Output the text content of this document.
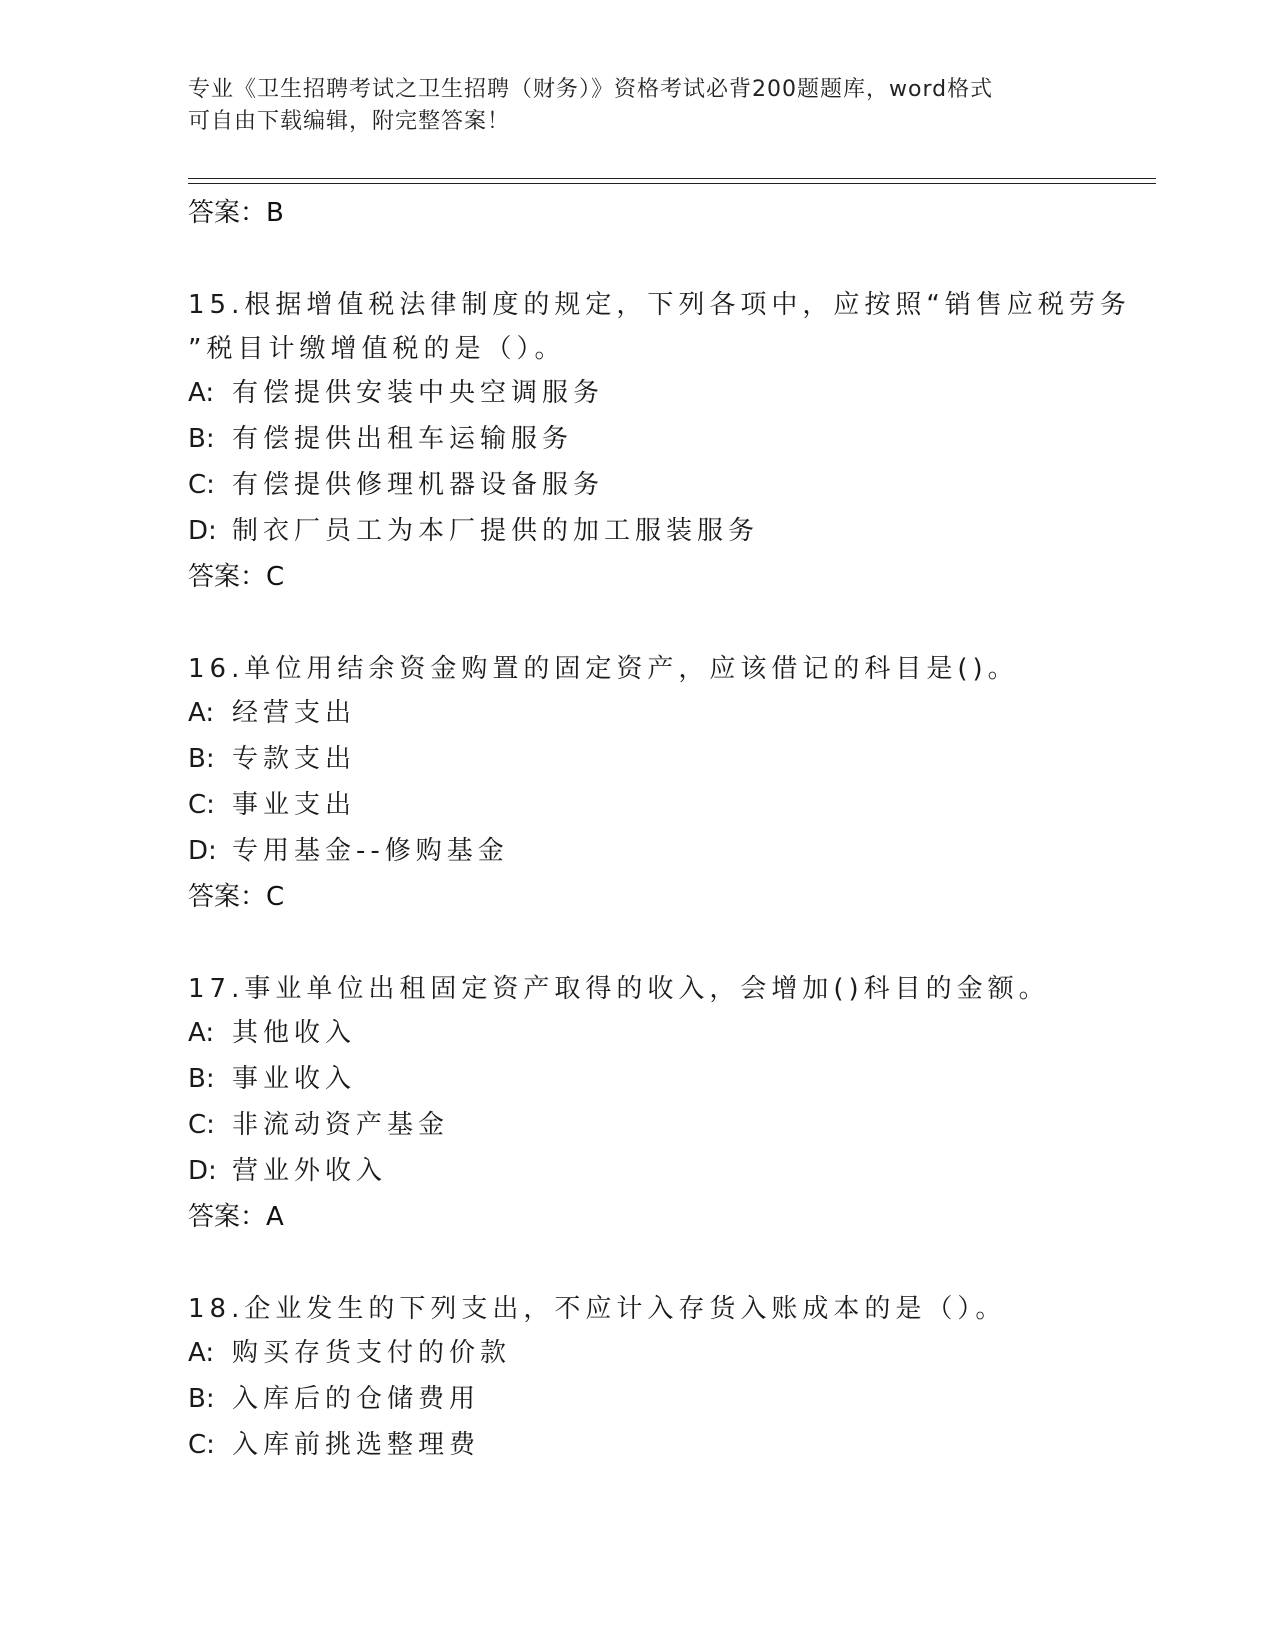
专业《卫生招聘考试之卫生招聘（财务）》资格考试必背200题题库，word格式
可自由下载编辑，附完整答案！
答案：B
15.根据增值税法律制度的规定，下列各项中，应按照“销售应税劳务
”税目计缴增值税的是（）。
A: 有偿提供安装中央空调服务
B: 有偿提供出租车运输服务
C: 有偿提供修理机器设备服务
D: 制衣厂员工为本厂提供的加工服装服务
答案：C
16.单位用结余资金购置的固定资产，应该借记的科目是()。
A: 经营支出
B: 专款支出
C: 事业支出
D: 专用基金--修购基金
答案：C
17.事业单位出租固定资产取得的收入，会增加()科目的金额。
A: 其他收入
B: 事业收入
C: 非流动资产基金
D: 营业外收入
答案：A
18.企业发生的下列支出，不应计入存货入账成本的是（）。
A: 购买存货支付的价款
B: 入库后的仓储费用
C: 入库前挑选整理费
